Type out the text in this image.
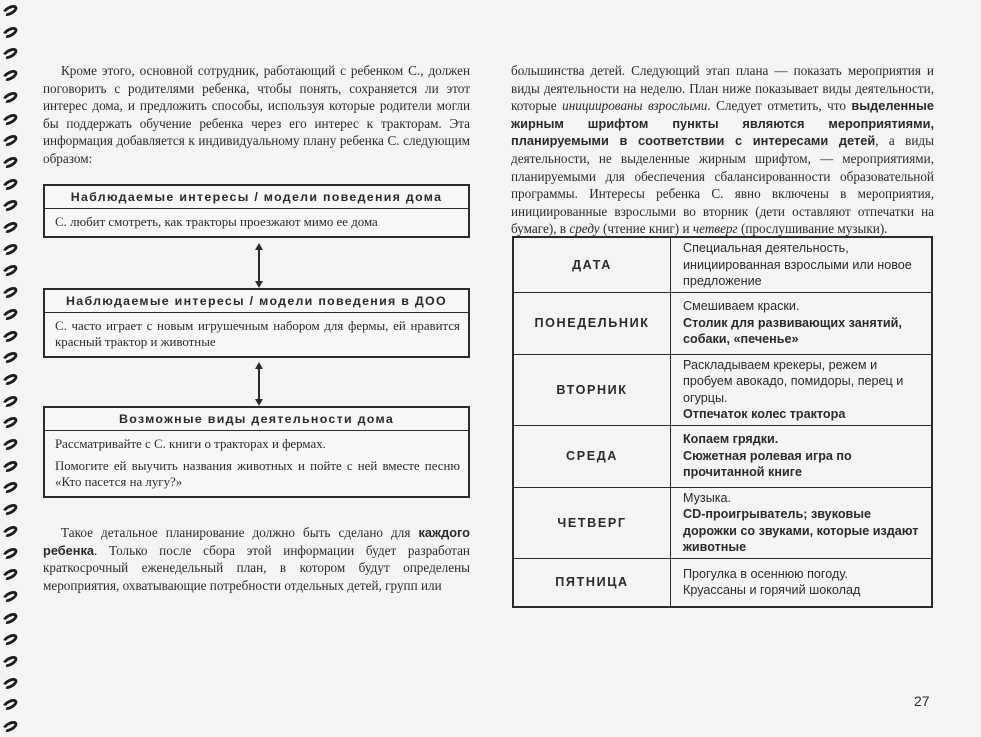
Кроме этого, основной сотрудник, работающий с ребенком С., должен поговорить с родителями ребенка, чтобы понять, сохраняется ли этот интерес дома, и предложить способы, используя которые родители могли бы поддержать обучение ребенка через его интерес к тракторам. Эта информация добавляется к индивидуальному плану ребенка С. следующим образом:
Наблюдаемые интересы / модели поведения дома

С. любит смотреть, как тракторы проезжают мимо ее дома

Наблюдаемые интересы / модели поведения в ДОО

С. часто играет с новым игрушечным набором для фермы, ей нравится красный трактор и животные

Возможные виды деятельности дома

Рассматривайте с С. книги о тракторах и фермах.

Помогите ей выучить названия животных и пойте с ней вместе песню «Кто пасется на лугу?»

Такое детальное планирование должно быть сделано для каждого ребенка. Только после сбора этой информации будет разработан краткосрочный еженедельный план, в котором будут определены мероприятия, охватывающие потребности отдельных детей, групп или
большинства детей. Следующий этап плана — показать мероприятия и виды деятельности на неделю. План ниже показывает виды деятельности, которые инициированы взрослыми. Следует отметить, что выделенные жирным шрифтом пункты являются мероприятиями, планируемыми в соответствии с интересами детей, а виды деятельности, не выделенные жирным шрифтом, — мероприятиями, планируемыми для обеспечения сбалансированности образовательной программы. Интересы ребенка С. явно включены в мероприятия, инициированные взрослыми во вторник (дети оставляют отпечатки на бумаге), в среду (чтение книг) и четверг (прослушивание музыки).
ДАТА	Специальная деятельность, инициированная взрослыми или новое предложение

ПОНЕДЕЛЬНИК	Смешиваем краски.
Столик для развивающих занятий, собаки, «печенье»

ВТОРНИК	Раскладываем крекеры, режем и пробуем авокадо, помидоры, перец и огурцы.
Отпечаток колес трактора

СРЕДА	Копаем грядки.
Сюжетная ролевая игра по прочитанной книге

ЧЕТВЕРГ	Музыка.
CD-проигрыватель; звуковые дорожки со звуками, которые издают животные

ПЯТНИЦА	Прогулка в осеннюю погоду.
Круассаны и горячий шоколад
27
